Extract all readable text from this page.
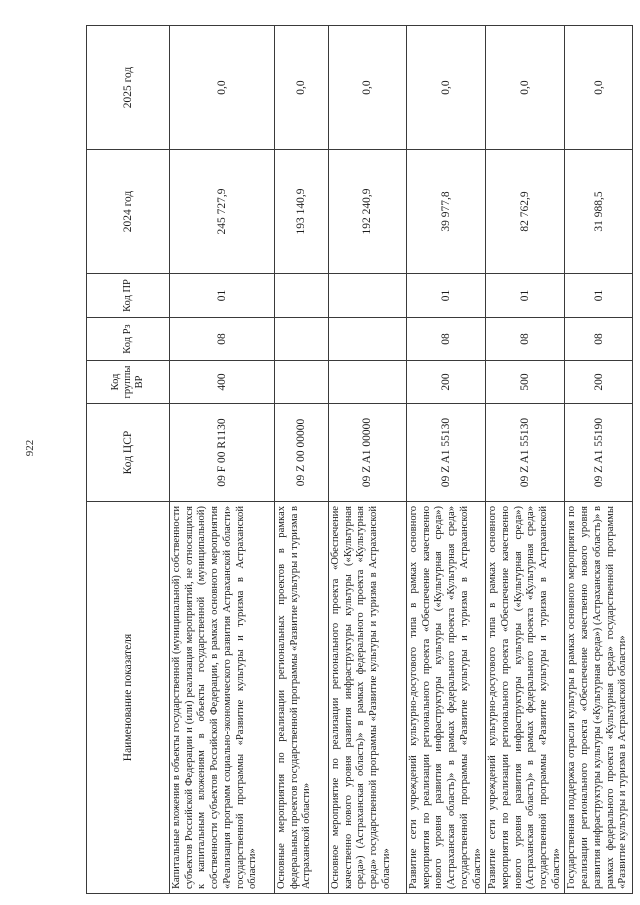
922
Наименование показателя	Код ЦСР	Код группы ВР	Код Рз	Код ПР	2024 год	2025 год
Капитальные вложения в объекты государственной (муниципальной) собственности субъектов Российской Федерации и (или) реализация мероприятий, не относящихся к капитальным вложениям в объекты государственной (муниципальной) собственности субъектов Российской Федерации, в рамках основного мероприятия «Реализация программ социально-экономического развития Астраханской области» государственной программы «Развитие культуры и туризма в Астраханской области»	09 F 00 R1130	400	08	01	245 727,9	0,0
Основные мероприятия по реализации региональных проектов в рамках федеральных проектов государственной программы «Развитие культуры и туризма в Астраханской области»	09 Z 00 00000				193 140,9	0,0
Основное мероприятие по реализации регионального проекта «Обеспечение качественно нового уровня развития инфраструктуры культуры («Культурная среда») (Астраханская область)» в рамках федерального проекта «Культурная среда» государственной программы «Развитие культуры и туризма в Астраханской области»	09 Z A1 00000				192 240,9	0,0
Развитие сети учреждений культурно-досугового типа в рамках основного мероприятия по реализации регионального проекта «Обеспечение качественно нового уровня развития инфраструктуры культуры («Культурная среда») (Астраханская область)» в рамках федерального проекта «Культурная среда» государственной программы «Развитие культуры и туризма в Астраханской области»	09 Z A1 55130	200	08	01	39 977,8	0,0
Развитие сети учреждений культурно-досугового типа в рамках основного мероприятия по реализации регионального проекта «Обеспечение качественно нового уровня развития инфраструктуры культуры («Культурная среда») (Астраханская область)» в рамках федерального проекта «Культурная среда» государственной программы «Развитие культуры и туризма в Астраханской области»	09 Z A1 55130	500	08	01	82 762,9	0,0
Государственная поддержка отрасли культуры в рамках основного мероприятия по реализации регионального проекта «Обеспечение качественно нового уровня развития инфраструктуры культуры («Культурная среда») (Астраханская область)» в рамках федерального проекта «Культурная среда» государственной программы «Развитие культуры и туризма в Астраханской области»	09 Z A1 55190	200	08	01	31 988,5	0,0
